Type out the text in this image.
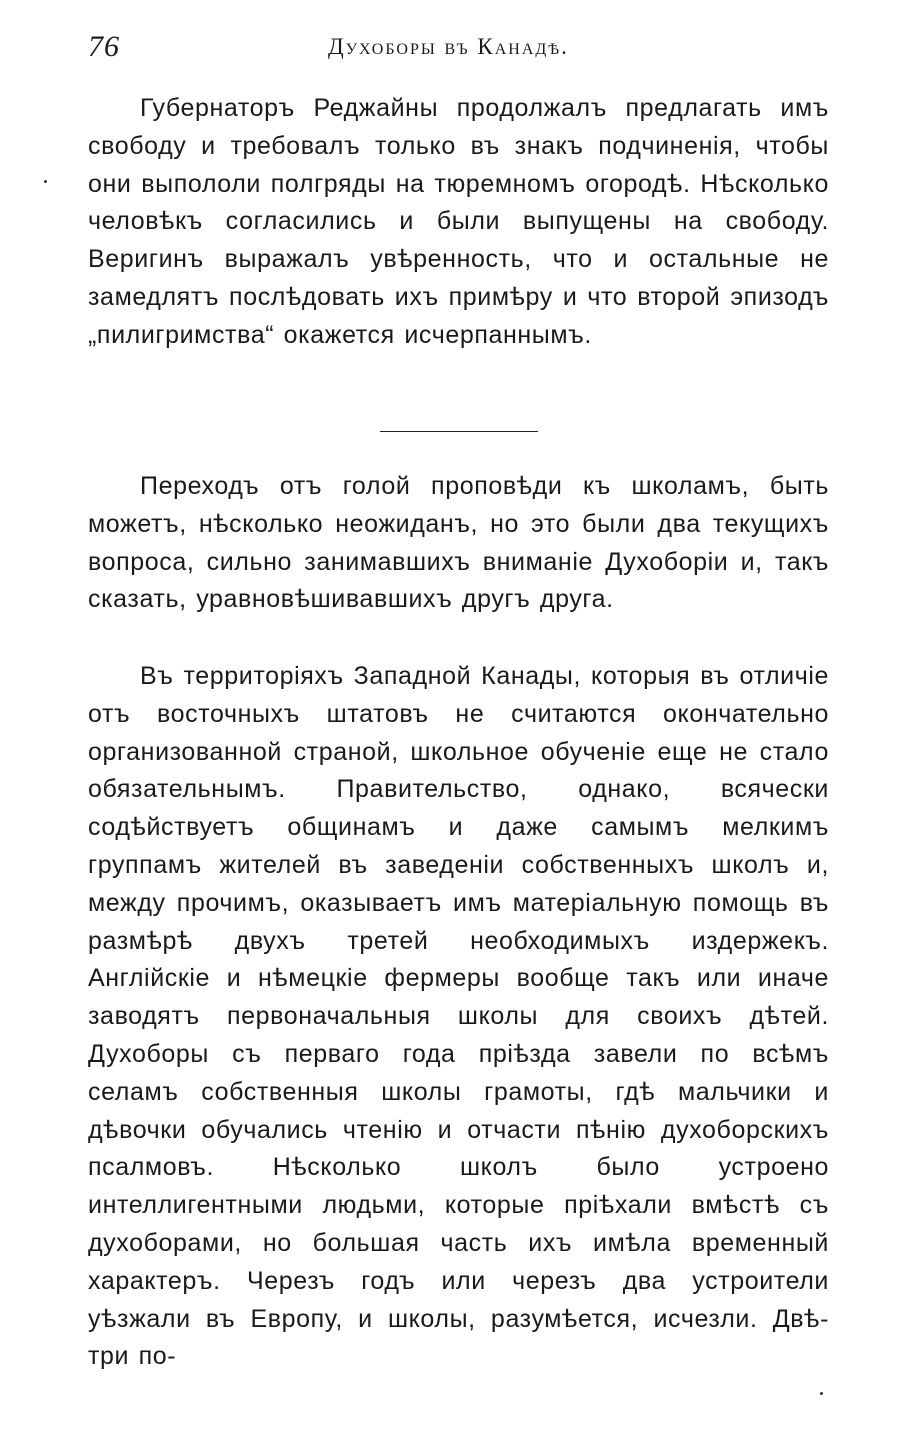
76	Духоборы въ Канадѣ.

Губернаторъ Реджайны продолжалъ предлагать имъ свободу и требовалъ только въ знакъ подчиненія, чтобы они выпололи полгряды на тюремномъ огородѣ. Нѣсколько человѣкъ согласились и были выпущены на свободу. Веригинъ выражалъ увѣренность, что и остальные не замедлятъ послѣдовать ихъ примѣру и что второй эпизодъ „пилигримства“ окажется исчерпаннымъ.

Переходъ отъ голой проповѣди къ школамъ, быть можетъ, нѣсколько неожиданъ, но это были два текущихъ вопроса, сильно занимавшихъ вниманіе Духоборіи и, такъ сказать, уравновѣшивавшихъ другъ друга.

Въ территоріяхъ Западной Канады, которыя въ отличіе отъ восточныхъ штатовъ не считаются окончательно организованной страной, школьное обученіе еще не стало обязательнымъ. Правительство, однако, всячески содѣйствуетъ общинамъ и даже самымъ мелкимъ группамъ жителей въ заведеніи собственныхъ школъ и, между прочимъ, оказываетъ имъ матеріальную помощь въ размѣрѣ двухъ третей необходимыхъ издержекъ. Англійскіе и нѣмецкіе фермеры вообще такъ или иначе заводятъ первоначальныя школы для своихъ дѣтей. Духоборы съ перваго года пріѣзда завели по всѣмъ селамъ собственныя школы грамоты, гдѣ мальчики и дѣвочки обучались чтенію и отчасти пѣнію духоборскихъ псалмовъ. Нѣсколько школъ было устроено интеллигентными людьми, которые пріѣхали вмѣстѣ съ духоборами, но большая часть ихъ имѣла временный характеръ. Черезъ годъ или черезъ два устроители уѣзжали въ Европу, и школы, разумѣется, исчезли. Двѣ-три по-
